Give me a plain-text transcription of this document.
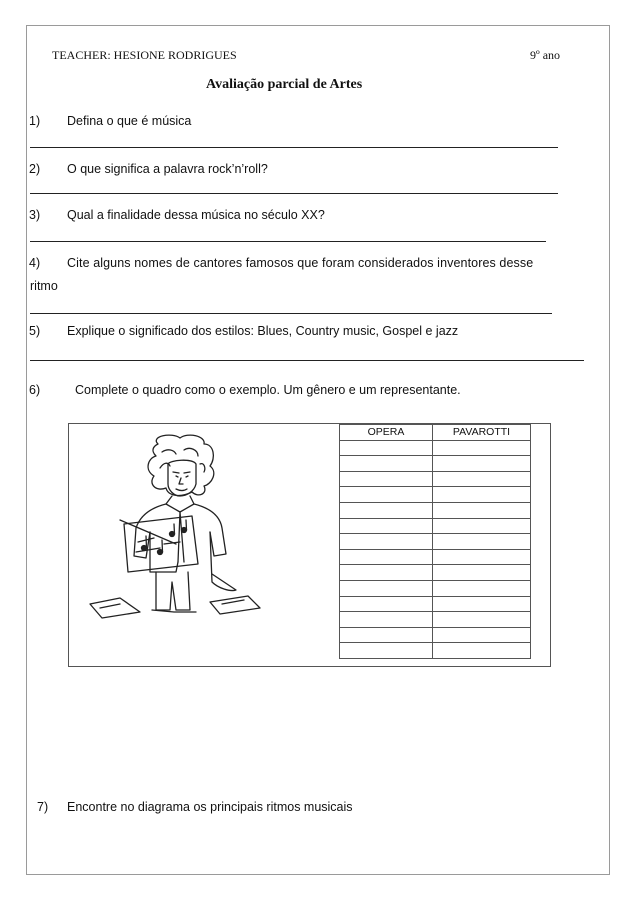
TEACHER: HESIONE RODRIGUES	9º ano
Avaliação parcial de Artes
1) Defina o que é música
2) O que significa a palavra rock’n’roll?
3) Qual a finalidade dessa música no século XX?
4) Cite alguns nomes de cantores famosos que foram considerados inventores desse
ritmo
5) Explique o significado dos estilos: Blues, Country music, Gospel e jazz
6)	Complete o quadro como o exemplo. Um gênero e um representante.
OPERA	PAVAROTTI

7) Encontre no diagrama os principais ritmos musicais
